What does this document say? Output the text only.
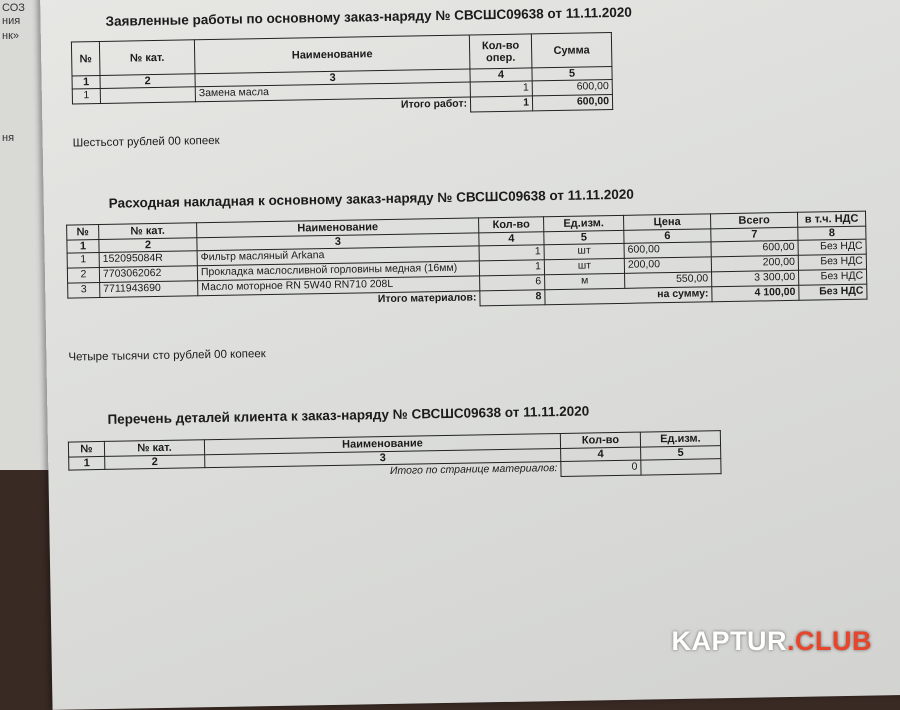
СОЗ
ния
нк»
ня
Заявленные работы по основному заказ-наряду № СВСШС09638 от 11.11.2020
№	№ кат.	Наименование	Кол-во опер.	Сумма
1	2	3	4	5
1		Замена масла	1	600,00
		Итого работ:	1	600,00
Шестьсот рублей 00 копеек
Расходная накладная к основному заказ-наряду № СВСШС09638 от 11.11.2020
№	№ кат.	Наименование	Кол-во	Ед.изм.	Цена	Всего	в т.ч. НДС
1	2	3	4	5	6	7	8
1	152095084R	Фильтр масляный Arkana	1	шт	600,00	600,00	Без НДС
2	7703062062	Прокладка маслосливной горловины медная (16мм)	1	шт	200,00	200,00	Без НДС
3	7711943690	Масло моторное RN 5W40 RN710 208L	6	м	550,00	3 300,00	Без НДС
		Итого материалов:	8	на сумму:		4 100,00	Без НДС
Четыре тысячи сто рублей 00 копеек
Перечень деталей клиента к заказ-наряду № СВСШС09638 от 11.11.2020
№	№ кат.	Наименование	Кол-во	Ед.изм.
1	2	3	4	5
		Итого по странице материалов:	0	
KAPTUR.CLUB
